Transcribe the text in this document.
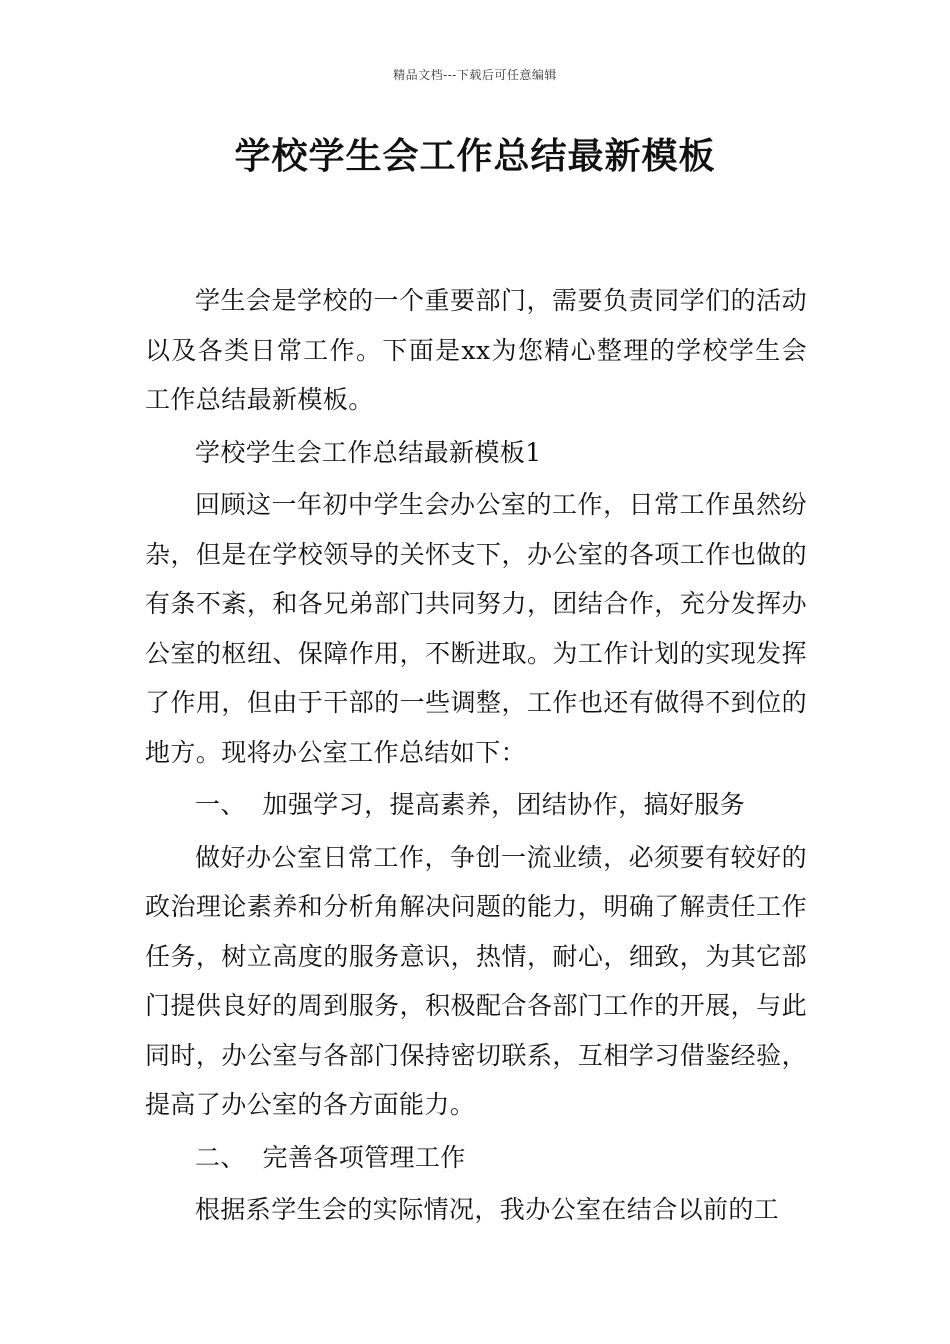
精品文档---下载后可任意编辑
学校学生会工作总结最新模板

学生会是学校的一个重要部门，需要负责同学们的活动以及各类日常工作。下面是xx为您精心整理的学校学生会工作总结最新模板。

学校学生会工作总结最新模板1

回顾这一年初中学生会办公室的工作，日常工作虽然纷杂，但是在学校领导的关怀支下，办公室的各项工作也做的有条不紊，和各兄弟部门共同努力，团结合作，充分发挥办公室的枢纽、保障作用，不断进取。为工作计划的实现发挥了作用，但由于干部的一些调整，工作也还有做得不到位的地方。现将办公室工作总结如下：

一、  加强学习，提高素养，团结协作，搞好服务

做好办公室日常工作，争创一流业绩，必须要有较好的政治理论素养和分析角解决问题的能力，明确了解责任工作任务，树立高度的服务意识，热情，耐心，细致，为其它部门提供良好的周到服务，积极配合各部门工作的开展，与此同时，办公室与各部门保持密切联系，互相学习借鉴经验，提高了办公室的各方面能力。

二、  完善各项管理工作

根据系学生会的实际情况，我办公室在结合以前的工
